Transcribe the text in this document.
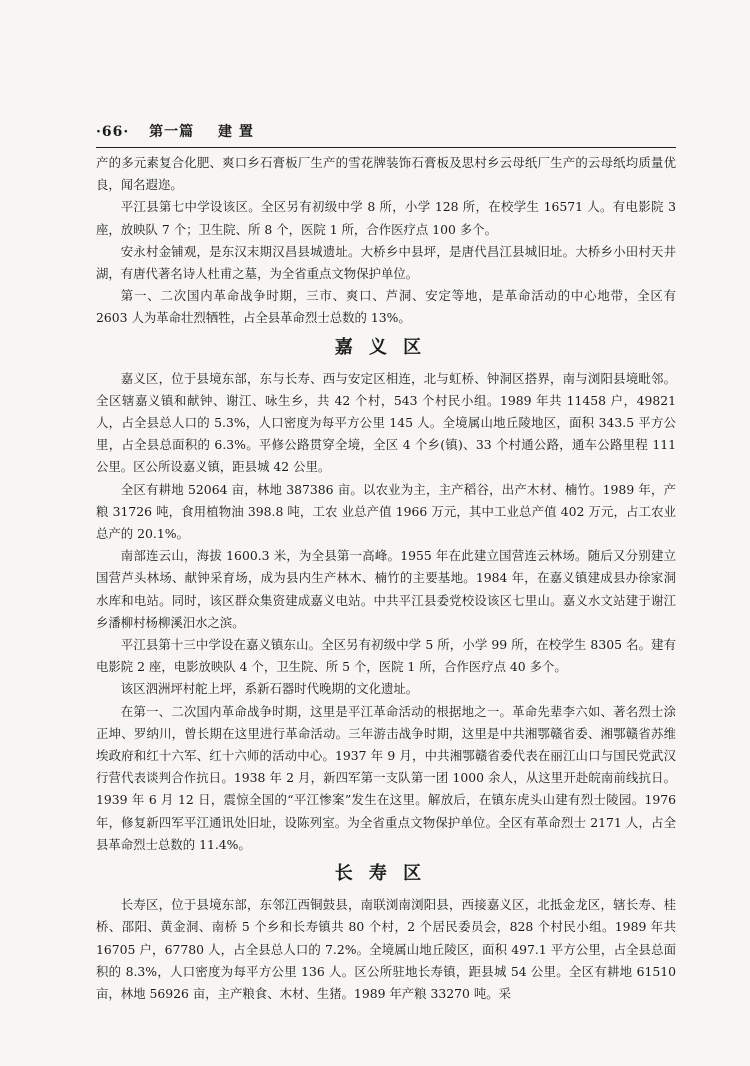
·66· 第一篇 建 置

产的多元素复合化肥、爽口乡石膏板厂生产的雪花牌装饰石膏板及思村乡云母纸厂生产的云母纸均质量优良，闻名遐迩。

平江县第七中学设该区。全区另有初级中学 8 所，小学 128 所，在校学生 16571 人。有电影院 3 座，放映队 7 个；卫生院、所 8 个，医院 1 所，合作医疗点 100 多个。

安永村金铺观，是东汉末期汉昌县城遗址。大桥乡中县坪，是唐代昌江县城旧址。大桥乡小田村天井湖，有唐代著名诗人杜甫之墓，为全省重点文物保护单位。

第一、二次国内革命战争时期，三市、爽口、芦洞、安定等地，是革命活动的中心地带，全区有 2603 人为革命壮烈牺牲，占全县革命烈士总数的 13%。

嘉义区

嘉义区，位于县境东部，东与长寿、西与安定区相连，北与虹桥、钟洞区搭界，南与浏阳县境毗邻。全区辖嘉义镇和献钟、谢江、咏生乡，共 42 个村，543 个村民小组。1989 年共 11458 户，49821 人，占全县总人口的 5.3%，人口密度为每平方公里 145 人。全境属山地丘陵地区，面积 343.5 平方公里，占全县总面积的 6.3%。平修公路贯穿全境，全区 4 个乡(镇)、33 个村通公路，通车公路里程 111 公里。区公所设嘉义镇，距县城 42 公里。

全区有耕地 52064 亩，林地 387386 亩。以农业为主，主产稻谷，出产木材、楠竹。1989 年，产粮 31726 吨，食用植物油 398.8 吨，工农 业总产值 1966 万元，其中工业总产值 402 万元，占工农业总产的 20.1%。

南部连云山，海拔 1600.3 米，为全县第一高峰。1955 年在此建立国营连云林场。随后又分别建立国营芦头林场、献钟采育场，成为县内生产林木、楠竹的主要基地。1984 年，在嘉义镇建成县办徐家洞水库和电站。同时，该区群众集资建成嘉义电站。中共平江县委党校设该区七里山。嘉义水文站建于谢江乡潘柳村杨柳溪汨水之滨。

平江县第十三中学设在嘉义镇东山。全区另有初级中学 5 所，小学 99 所，在校学生 8305 名。建有电影院 2 座，电影放映队 4 个，卫生院、所 5 个，医院 1 所，合作医疗点 40 多个。

该区泗洲坪村舵上坪，系新石器时代晚期的文化遗址。

在第一、二次国内革命战争时期，这里是平江革命活动的根据地之一。革命先辈李六如、著名烈士涂正坤、罗纳川，曾长期在这里进行革命活动。三年游击战争时期，这里是中共湘鄂赣省委、湘鄂赣省苏维埃政府和红十六军、红十六师的活动中心。1937 年 9 月，中共湘鄂赣省委代表在丽江山口与国民党武汉行营代表谈判合作抗日。1938 年 2 月，新四军第一支队第一团 1000 余人，从这里开赴皖南前线抗日。1939 年 6 月 12 日，震惊全国的“平江惨案”发生在这里。解放后，在镇东虎头山建有烈士陵园。1976 年，修复新四军平江通讯处旧址，设陈列室。为全省重点文物保护单位。全区有革命烈士 2171 人，占全县革命烈士总数的 11.4%。

长寿区

长寿区，位于县境东部，东邻江西铜鼓县，南联浏南浏阳县，西接嘉义区，北抵金龙区，辖长寿、桂桥、邵阳、黄金洞、南桥 5 个乡和长寿镇共 80 个村，2 个居民委员会，828 个村民小组。1989 年共 16705 户，67780 人，占全县总人口的 7.2%。全境属山地丘陵区，面积 497.1 平方公里，占全县总面积的 8.3%，人口密度为每平方公里 136 人。区公所驻地长寿镇，距县城 54 公里。全区有耕地 61510 亩，林地 56926 亩，主产粮食、木材、生猪。1989 年产粮 33270 吨。采
